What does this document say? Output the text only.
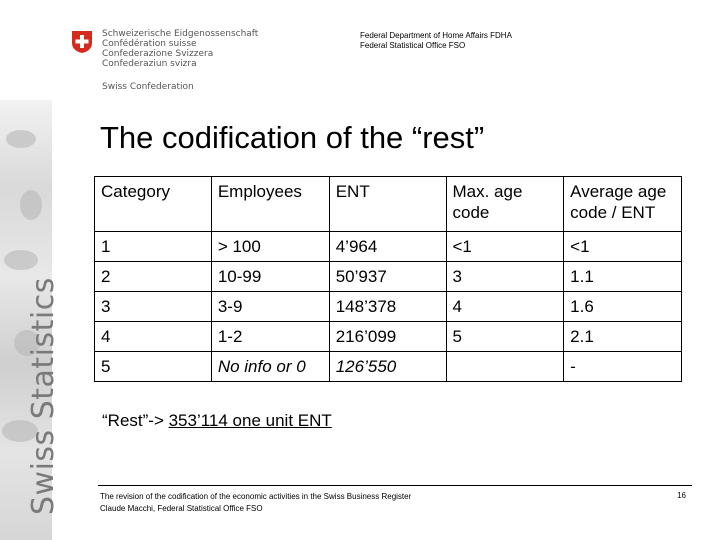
Swiss Statistics
Schweizerische Eidgenossenschaft
Confédération suisse
Confederazione Svizzera
Confederaziun svizra
Swiss Confederation
Federal Department of Home Affairs FDHA
Federal Statistical Office FSO
The codification of the “rest”
Category	Employees	ENT	Max. age code	Average age code / ENT
1	> 100	4’964	<1	<1
2	10-99	50’937	3	1.1
3	3-9	148’378	4	1.6
4	1-2	216’099	5	2.1
5	No info or 0	126’550		-
“Rest”-> 353’114 one unit ENT
The revision of the codification of the economic activities in the Swiss Business Register
Claude Macchi, Federal Statistical Office FSO
16
